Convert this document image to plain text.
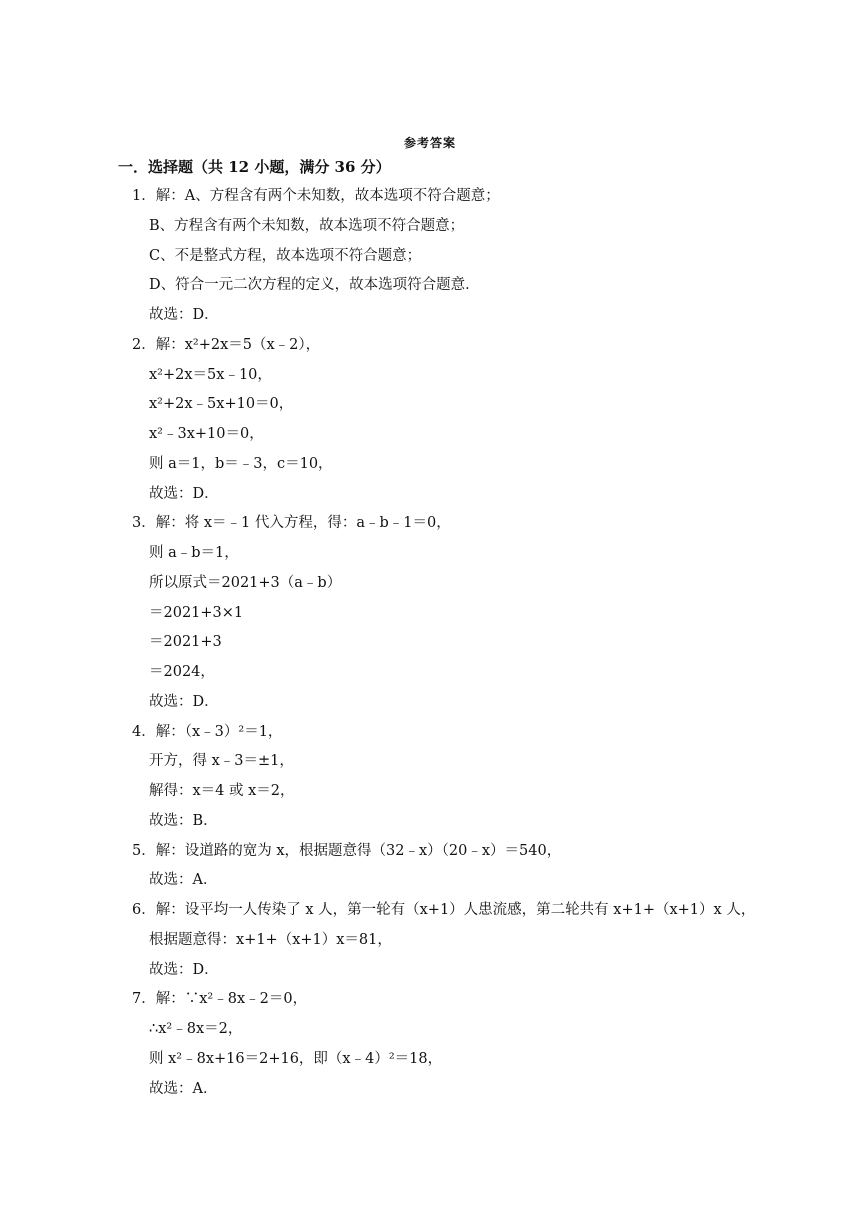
参考答案
一．选择题（共 12 小题，满分 36 分）
1．解：A、方程含有两个未知数，故本选项不符合题意；
B、方程含有两个未知数，故本选项不符合题意；
C、不是整式方程，故本选项不符合题意；
D、符合一元二次方程的定义，故本选项符合题意．
故选：D．
2．解：x²+2x＝5（x﹣2），
x²+2x＝5x﹣10，
x²+2x﹣5x+10＝0，
x²﹣3x+10＝0，
则 a＝1，b＝﹣3，c＝10，
故选：D．
3．解：将 x＝﹣1 代入方程，得：a﹣b﹣1＝0，
则 a﹣b＝1，
所以原式＝2021+3（a﹣b）
＝2021+3×1
＝2021+3
＝2024，
故选：D．
4．解：（x﹣3）²＝1，
开方，得 x﹣3＝±1，
解得：x＝4 或 x＝2，
故选：B．
5．解：设道路的宽为 x，根据题意得（32﹣x）（20﹣x）＝540，
故选：A．
6．解：设平均一人传染了 x 人，第一轮有（x+1）人患流感，第二轮共有 x+1+（x+1）x 人，
根据题意得：x+1+（x+1）x＝81，
故选：D．
7．解：∵x²﹣8x﹣2＝0，
∴x²﹣8x＝2，
则 x²﹣8x+16＝2+16，即（x﹣4）²＝18，
故选：A．
